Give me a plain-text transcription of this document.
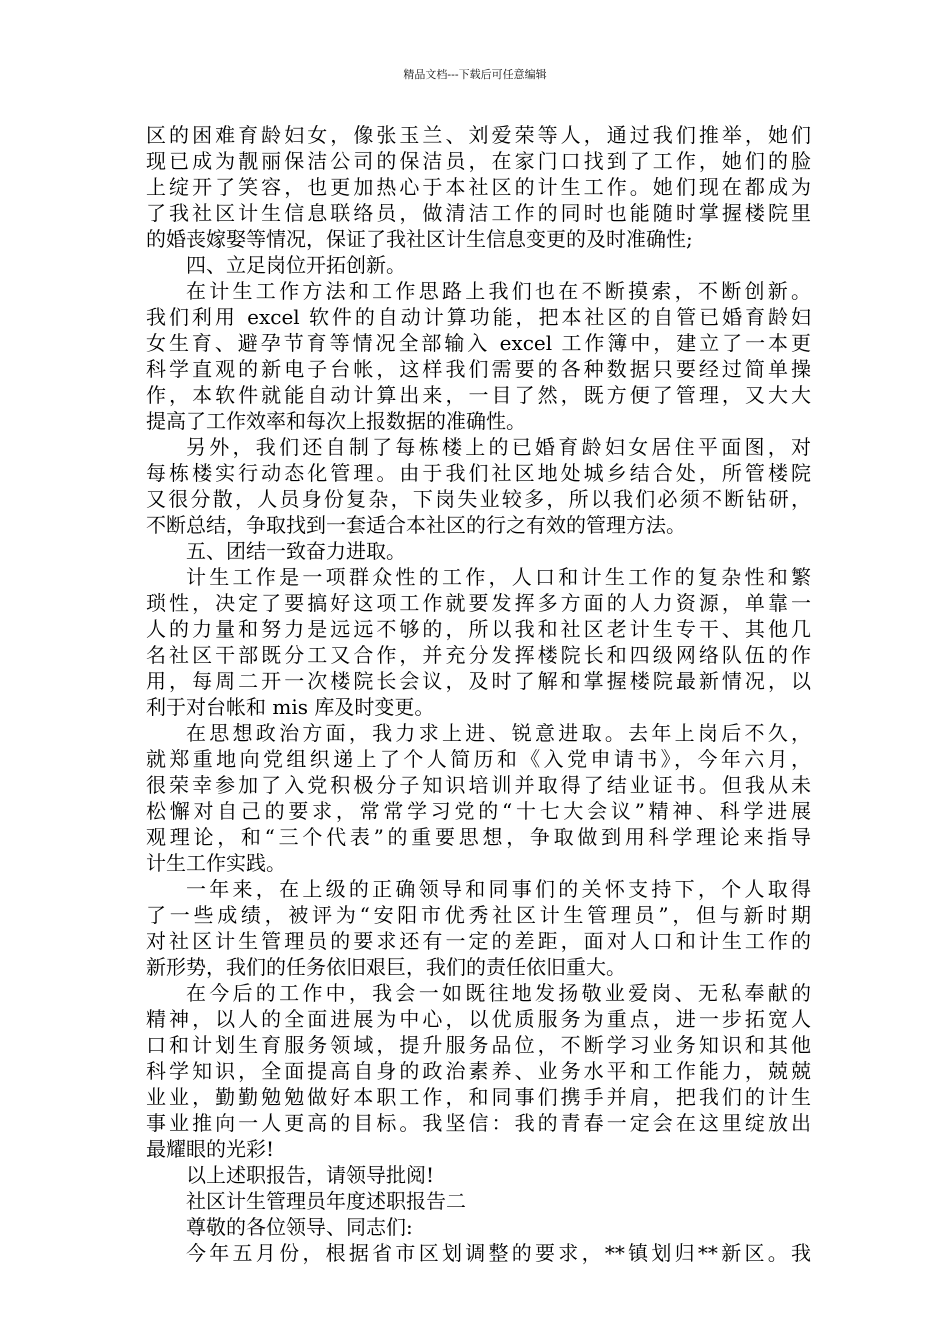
精品文档---下载后可任意编辑
区的困难育龄妇女，像张玉兰、刘爱荣等人，通过我们推举，她们
现已成为靓丽保洁公司的保洁员，在家门口找到了工作，她们的脸
上绽开了笑容，也更加热心于本社区的计生工作。她们现在都成为
了我社区计生信息联络员，做清洁工作的同时也能随时掌握楼院里
的婚丧嫁娶等情况，保证了我社区计生信息变更的及时准确性;
四、立足岗位开拓创新。
在计生工作方法和工作思路上我们也在不断摸索，不断创新。
我们利用 excel 软件的自动计算功能，把本社区的自管已婚育龄妇
女生育、避孕节育等情况全部输入 excel 工作簿中，建立了一本更
科学直观的新电子台帐，这样我们需要的各种数据只要经过简单操
作，本软件就能自动计算出来，一目了然，既方便了管理，又大大
提高了工作效率和每次上报数据的准确性。
另外，我们还自制了每栋楼上的已婚育龄妇女居住平面图，对
每栋楼实行动态化管理。由于我们社区地处城乡结合处，所管楼院
又很分散，人员身份复杂，下岗失业较多，所以我们必须不断钻研，
不断总结，争取找到一套适合本社区的行之有效的管理方法。
五、团结一致奋力进取。
计生工作是一项群众性的工作，人口和计生工作的复杂性和繁
琐性，决定了要搞好这项工作就要发挥多方面的人力资源，单靠一
人的力量和努力是远远不够的，所以我和社区老计生专干、其他几
名社区干部既分工又合作，并充分发挥楼院长和四级网络队伍的作
用，每周二开一次楼院长会议，及时了解和掌握楼院最新情况，以
利于对台帐和 mis 库及时变更。
在思想政治方面，我力求上进、锐意进取。去年上岗后不久，
就郑重地向党组织递上了个人简历和《入党申请书》，今年六月，
很荣幸参加了入党积极分子知识培训并取得了结业证书。但我从未
松懈对自己的要求，常常学习党的“十七大会议”精神、科学进展
观理论，和“三个代表”的重要思想，争取做到用科学理论来指导
计生工作实践。
一年来，在上级的正确领导和同事们的关怀支持下，个人取得
了一些成绩，被评为“安阳市优秀社区计生管理员”，但与新时期
对社区计生管理员的要求还有一定的差距，面对人口和计生工作的
新形势，我们的任务依旧艰巨，我们的责任依旧重大。
在今后的工作中，我会一如既往地发扬敬业爱岗、无私奉献的
精神，以人的全面进展为中心，以优质服务为重点，进一步拓宽人
口和计划生育服务领域，提升服务品位，不断学习业务知识和其他
科学知识，全面提高自身的政治素养、业务水平和工作能力，兢兢
业业，勤勤勉勉做好本职工作，和同事们携手并肩，把我们的计生
事业推向一人更高的目标。我坚信：我的青春一定会在这里绽放出
最耀眼的光彩!
以上述职报告，请领导批阅!
社区计生管理员年度述职报告二
尊敬的各位领导、同志们:
今年五月份，根据省市区划调整的要求，**镇划归**新区。我
